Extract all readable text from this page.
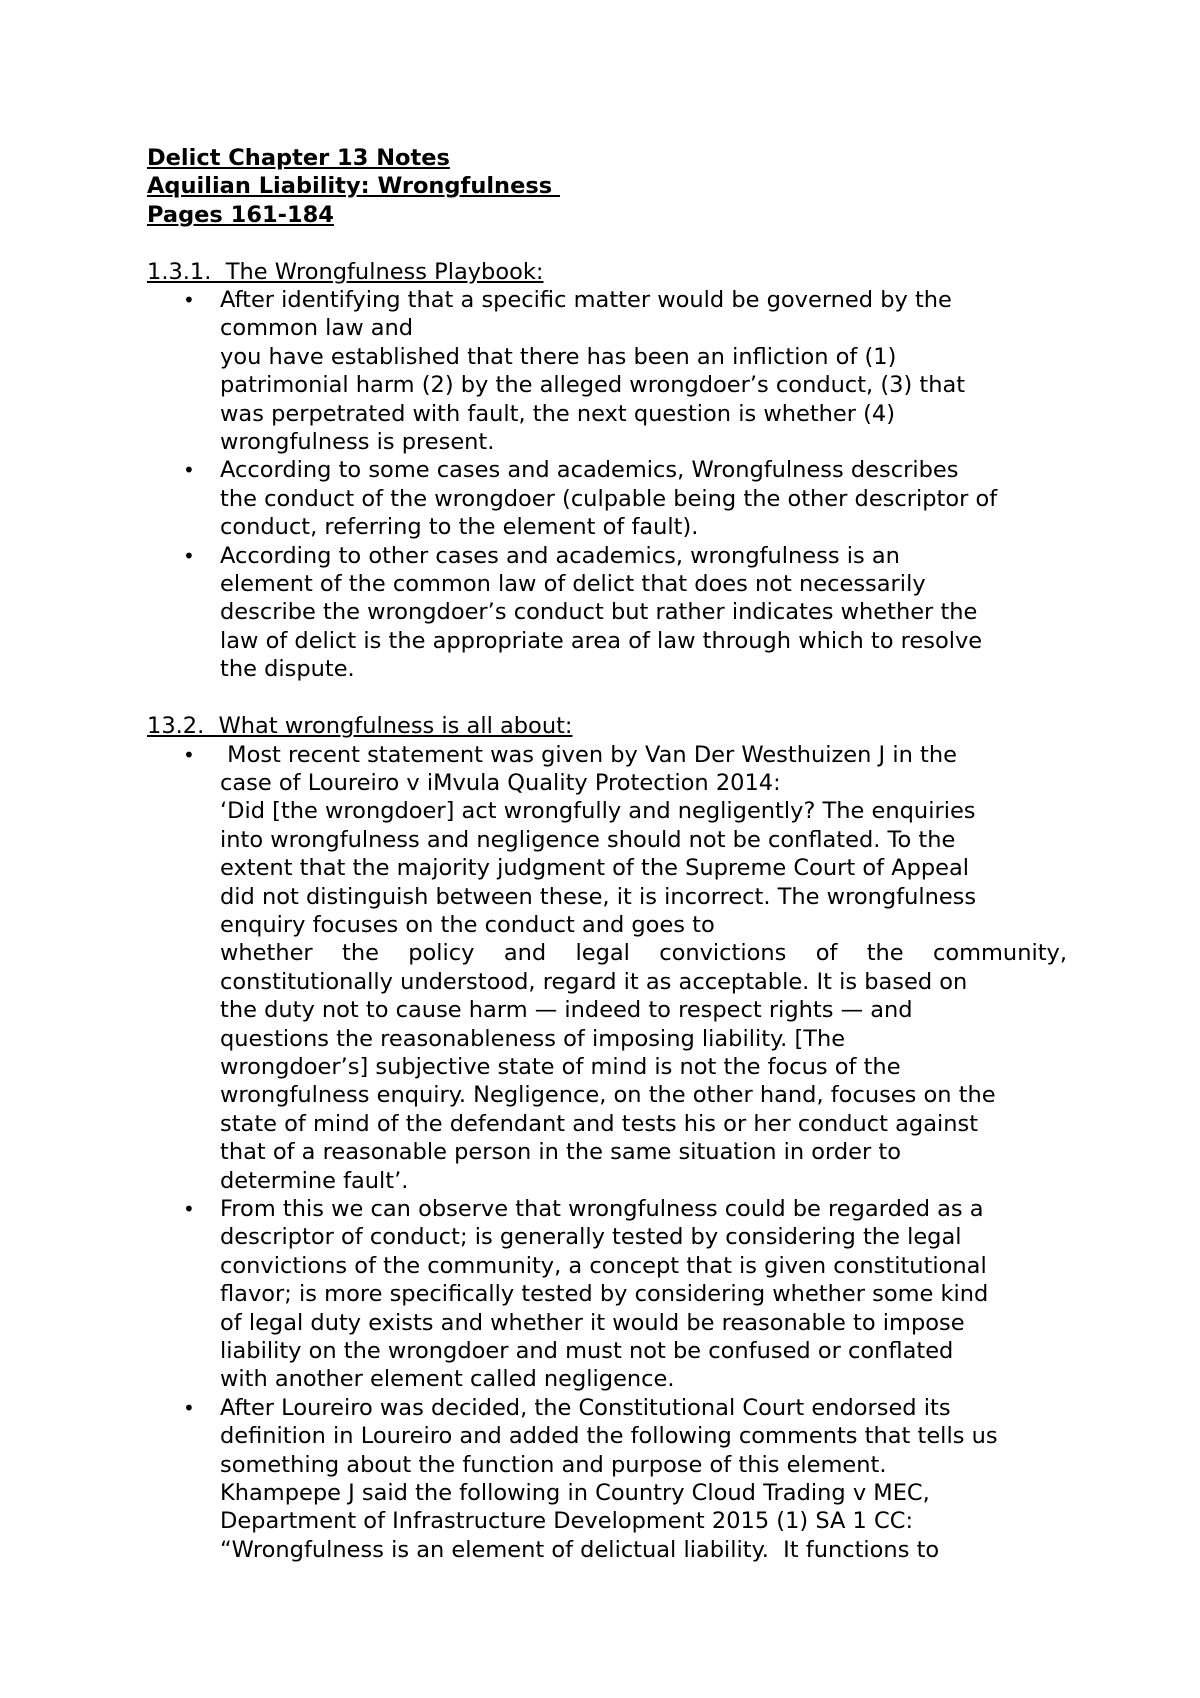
Delict Chapter 13 Notes
Aquilian Liability: Wrongfulness
Pages 161-184
1.3.1.  The Wrongfulness Playbook:
• After identifying that a specific matter would be governed by the
common law and
you have established that there has been an infliction of (1)
patrimonial harm (2) by the alleged wrongdoer’s conduct, (3) that
was perpetrated with fault, the next question is whether (4)
wrongfulness is present.
• According to some cases and academics, Wrongfulness describes
the conduct of the wrongdoer (culpable being the other descriptor of
conduct, referring to the element of fault).
• According to other cases and academics, wrongfulness is an
element of the common law of delict that does not necessarily
describe the wrongdoer’s conduct but rather indicates whether the
law of delict is the appropriate area of law through which to resolve
the dispute.
13.2.  What wrongfulness is all about:
• Most recent statement was given by Van Der Westhuizen J in the
case of Loureiro v iMvula Quality Protection 2014:
‘Did [the wrongdoer] act wrongfully and negligently? The enquiries
into wrongfulness and negligence should not be conflated. To the
extent that the majority judgment of the Supreme Court of Appeal
did not distinguish between these, it is incorrect. The wrongfulness
enquiry focuses on the conduct and goes to
whether the policy and legal convictions of the community,
constitutionally understood, regard it as acceptable. It is based on
the duty not to cause harm — indeed to respect rights — and
questions the reasonableness of imposing liability. [The
wrongdoer’s] subjective state of mind is not the focus of the
wrongfulness enquiry. Negligence, on the other hand, focuses on the
state of mind of the defendant and tests his or her conduct against
that of a reasonable person in the same situation in order to
determine fault’.
• From this we can observe that wrongfulness could be regarded as a
descriptor of conduct; is generally tested by considering the legal
convictions of the community, a concept that is given constitutional
flavor; is more specifically tested by considering whether some kind
of legal duty exists and whether it would be reasonable to impose
liability on the wrongdoer and must not be confused or conflated
with another element called negligence.
• After Loureiro was decided, the Constitutional Court endorsed its
definition in Loureiro and added the following comments that tells us
something about the function and purpose of this element.
Khampepe J said the following in Country Cloud Trading v MEC,
Department of Infrastructure Development 2015 (1) SA 1 CC:
“Wrongfulness is an element of delictual liability.  It functions to
